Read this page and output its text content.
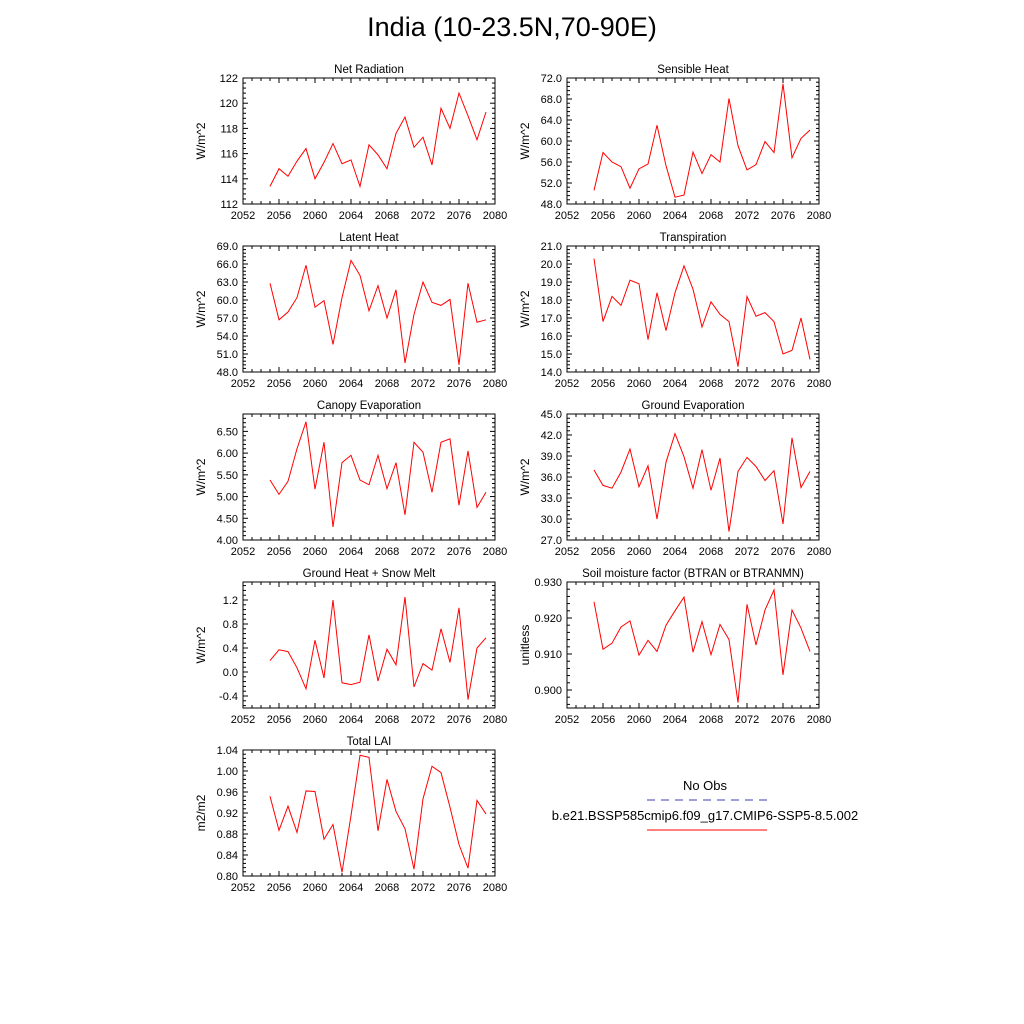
India (10-23.5N,70-90E)
2052 2056 2060 2064 2068 2072 2076 2080
112
114
116
118
120
122
Net Radiation
W/m^2
2052 2056 2060 2064 2068 2072 2076 2080
48.0
52.0
56.0
60.0
64.0
68.0
72.0
Sensible Heat
W/m^2
2052 2056 2060 2064 2068 2072 2076 2080
48.0
51.0
54.0
57.0
60.0
63.0
66.0
69.0
Latent Heat
W/m^2
2052 2056 2060 2064 2068 2072 2076 2080
14.0
15.0
16.0
17.0
18.0
19.0
20.0
21.0
Transpiration
W/m^2
2052 2056 2060 2064 2068 2072 2076 2080
4.00
4.50
5.00
5.50
6.00
6.50
Canopy Evaporation
W/m^2
2052 2056 2060 2064 2068 2072 2076 2080
27.0
30.0
33.0
36.0
39.0
42.0
45.0
Ground Evaporation
W/m^2
2052 2056 2060 2064 2068 2072 2076 2080
-0.4
0.0
0.4
0.8
1.2
Ground Heat + Snow Melt
W/m^2
2052 2056 2060 2064 2068 2072 2076 2080
0.900
0.910
0.920
0.930
Soil moisture factor (BTRAN or BTRANMN)
unitless
2052 2056 2060 2064 2068 2072 2076 2080
0.80
0.84
0.88
0.92
0.96
1.00
1.04
Total LAI
m2/m2
No Obs
b.e21.BSSP585cmip6.f09_g17.CMIP6-SSP5-8.5.002
